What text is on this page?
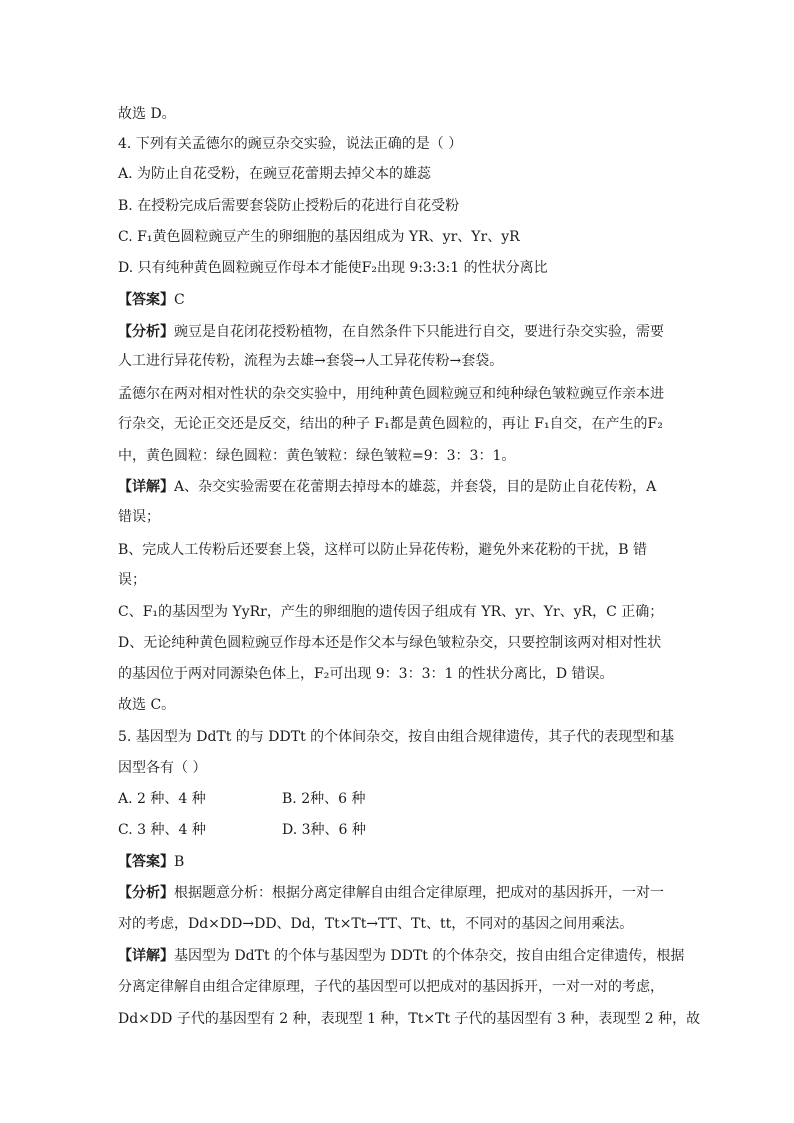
故选 D。
4. 下列有关孟德尔的豌豆杂交实验，说法正确的是（ ）
A. 为防止自花受粉，在豌豆花蕾期去掉父本的雄蕊
B. 在授粉完成后需要套袋防止授粉后的花进行自花受粉
C. F₁黄色圆粒豌豆产生的卵细胞的基因组成为 YR、yr、Yr、yR
D. 只有纯种黄色圆粒豌豆作母本才能使F₂出现 9:3:3:1 的性状分离比
【答案】C
【分析】豌豆是自花闭花授粉植物，在自然条件下只能进行自交，要进行杂交实验，需要
人工进行异花传粉，流程为去雄→套袋→人工异花传粉→套袋。
孟德尔在两对相对性状的杂交实验中，用纯种黄色圆粒豌豆和纯种绿色皱粒豌豆作亲本进
行杂交，无论正交还是反交，结出的种子 F₁都是黄色圆粒的，再让 F₁自交，在产生的F₂
中，黄色圆粒：绿色圆粒：黄色皱粒：绿色皱粒=9：3：3：1。
【详解】A、杂交实验需要在花蕾期去掉母本的雄蕊，并套袋，目的是防止自花传粉，A
错误；
B、完成人工传粉后还要套上袋，这样可以防止异花传粉，避免外来花粉的干扰，B 错
误；
C、F₁的基因型为 YyRr，产生的卵细胞的遗传因子组成有 YR、yr、Yr、yR，C 正确；
D、无论纯种黄色圆粒豌豆作母本还是作父本与绿色皱粒杂交，只要控制该两对相对性状
的基因位于两对同源染色体上，F₂可出现 9：3：3：1 的性状分离比，D 错误。
故选 C。
5. 基因型为 DdTt 的与 DDTt 的个体间杂交，按自由组合规律遗传，其子代的表现型和基
因型各有（ ）
A. 2 种、4 种	B. 2种、6 种
C. 3 种、4 种	D. 3种、6 种
【答案】B
【分析】根据题意分析：根据分离定律解自由组合定律原理，把成对的基因拆开，一对一
对的考虑，Dd×DD→DD、Dd，Tt×Tt→TT、Tt、tt，不同对的基因之间用乘法。
【详解】基因型为 DdTt 的个体与基因型为 DDTt 的个体杂交，按自由组合定律遗传，根据
分离定律解自由组合定律原理，子代的基因型可以把成对的基因拆开，一对一对的考虑，
Dd×DD 子代的基因型有 2 种，表现型 1 种，Tt×Tt 子代的基因型有 3 种，表现型 2 种，故
